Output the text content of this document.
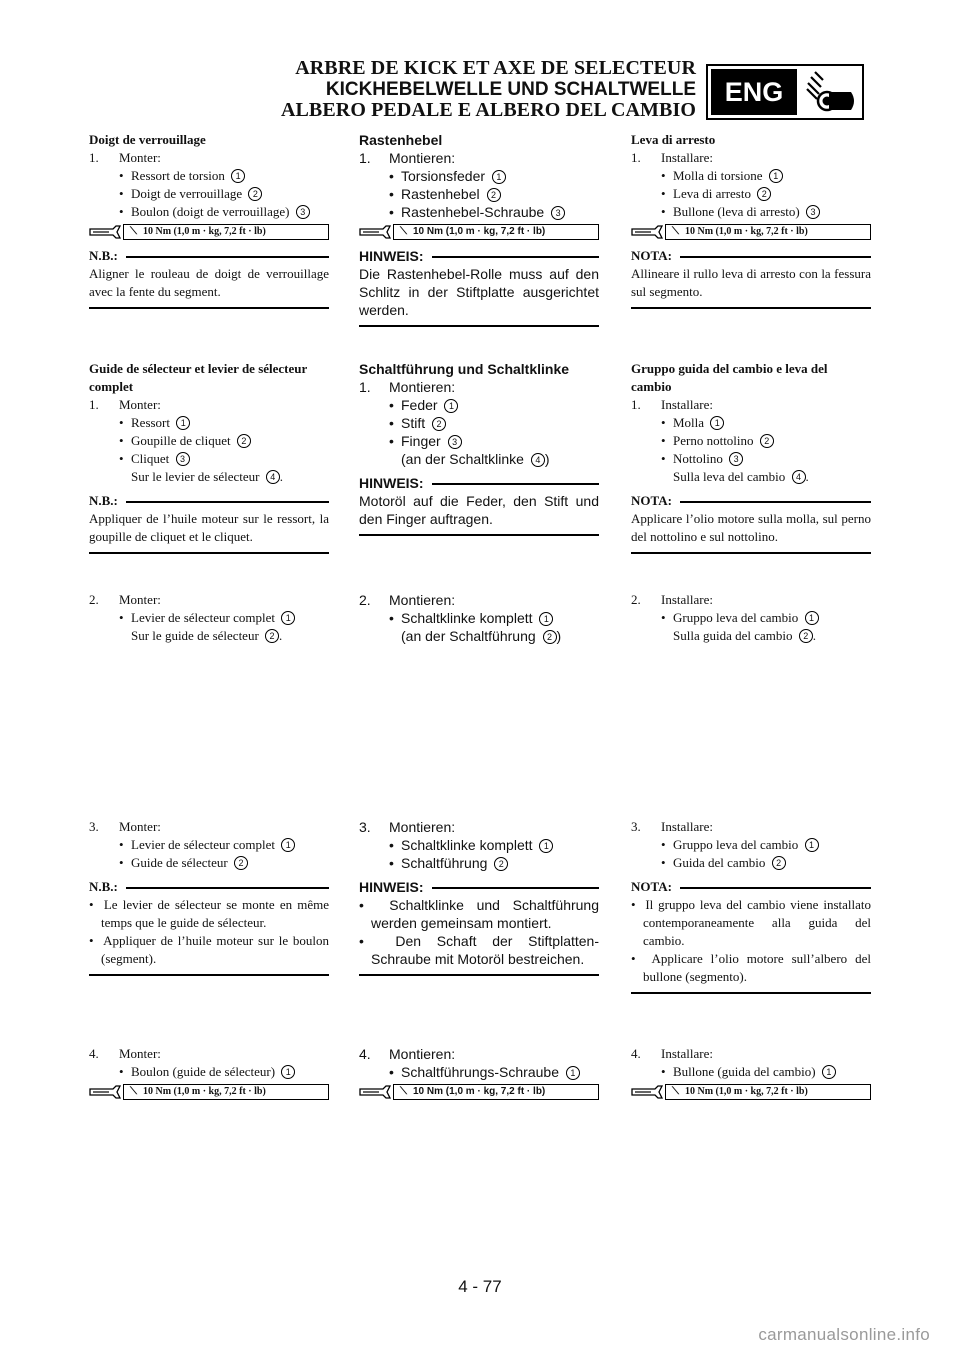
ARBRE DE KICK ET AXE DE SELECTEUR
KICKHEBELWELLE UND SCHALTWELLE
ALBERO PEDALE E ALBERO DEL CAMBIO
ENG
Doigt de verrouillage
1. Monter:
• Ressort de torsion 1
• Doigt de verrouillage 2
• Boulon (doigt de verrouillage) 3
⟍ 10 Nm (1,0 m · kg, 7,2 ft · lb)
N.B.:
Aligner le rouleau de doigt de verrouillage avec la fente du segment.
Guide de sélecteur et levier de sélecteur complet
1. Monter:
• Ressort 1
• Goupille de cliquet 2
• Cliquet 3
Sur le levier de sélecteur 4 .
N.B.:
Appliquer de l’huile moteur sur le ressort, la goupille de cliquet et le cliquet.
2. Monter:
• Levier de sélecteur complet 1
Sur le guide de sélecteur 2 .
3. Monter:
• Levier de sélecteur complet 1
• Guide de sélecteur 2
N.B.:
• Le levier de sélecteur se monte en même temps que le guide de sélecteur.
• Appliquer de l’huile moteur sur le boulon (segment).
4. Monter:
• Boulon (guide de sélecteur) 1
⟍ 10 Nm (1,0 m · kg, 7,2 ft · lb)
Rastenhebel
1. Montieren:
• Torsionsfeder 1
• Rastenhebel 2
• Rastenhebel-Schraube 3
⟍ 10 Nm (1,0 m · kg, 7,2 ft · lb)
HINWEIS:
Die Rastenhebel-Rolle muss auf den Schlitz in der Stiftplatte ausgerichtet werden.
Schaltführung und Schaltklinke
1. Montieren:
• Feder 1
• Stift 2
• Finger 3
(an der Schaltklinke 4 )
HINWEIS:
Motoröl auf die Feder, den Stift und den Finger auftragen.
2. Montieren:
• Schaltklinke komplett 1
(an der Schaltführung 2 )
3. Montieren:
• Schaltklinke komplett 1
• Schaltführung 2
HINWEIS:
• Schaltklinke und Schaltführung werden gemeinsam montiert.
• Den Schaft der Stiftplatten-Schraube mit Motoröl bestreichen.
4. Montieren:
• Schaltführungs-Schraube 1
⟍ 10 Nm (1,0 m · kg, 7,2 ft · lb)
Leva di arresto
1. Installare:
• Molla di torsione 1
• Leva di arresto 2
• Bullone (leva di arresto) 3
⟍ 10 Nm (1,0 m · kg, 7,2 ft · lb)
NOTA:
Allineare il rullo leva di arresto con la fessura sul segmento.
Gruppo guida del cambio e leva del cambio
1. Installare:
• Molla 1
• Perno nottolino 2
• Nottolino 3
Sulla leva del cambio 4 .
NOTA:
Applicare l’olio motore sulla molla, sul perno del nottolino e sul nottolino.
2. Installare:
• Gruppo leva del cambio 1
Sulla guida del cambio 2 .
3. Installare:
• Gruppo leva del cambio 1
• Guida del cambio 2
NOTA:
• Il gruppo leva del cambio viene installato contemporaneamente alla guida del cambio.
• Applicare l’olio motore sull’albero del bullone (segmento).
4. Installare:
• Bullone (guida del cambio) 1
⟍ 10 Nm (1,0 m · kg, 7,2 ft · lb)
4 - 77
carmanualsonline.info
